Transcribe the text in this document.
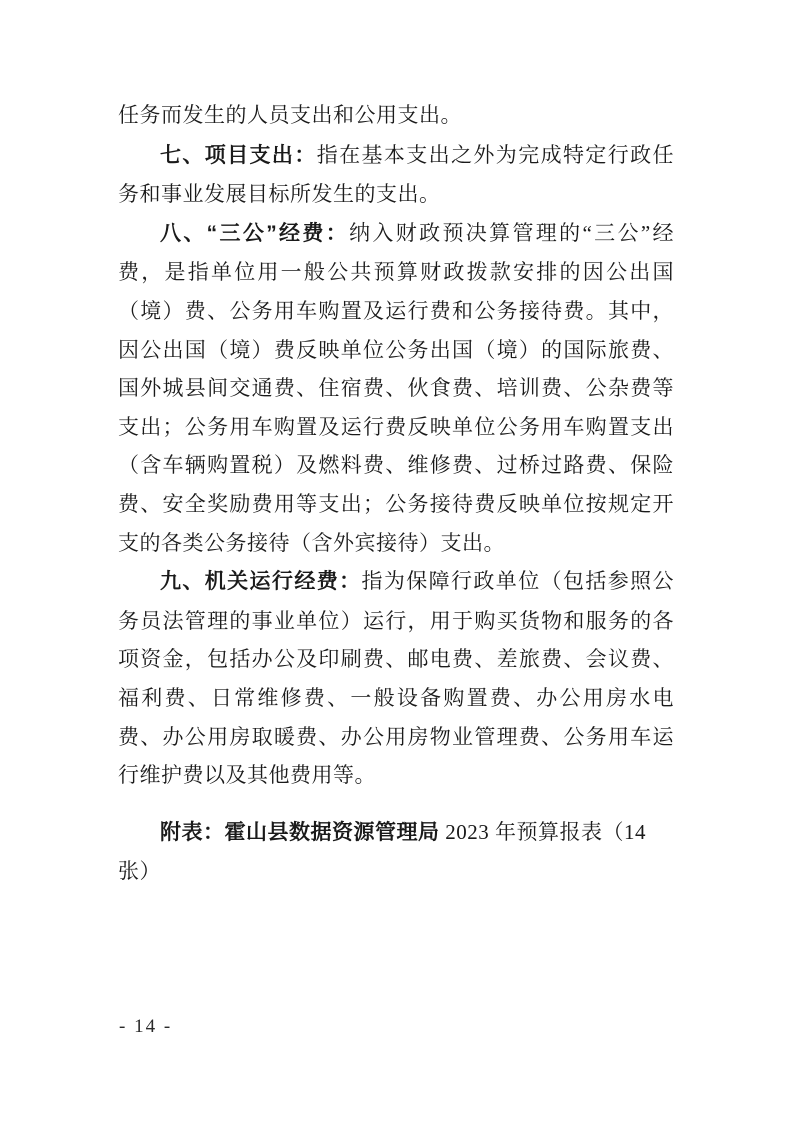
任务而发生的人员支出和公用支出。

七、项目支出：指在基本支出之外为完成特定行政任务和事业发展目标所发生的支出。

八、“三公”经费：纳入财政预决算管理的“三公”经费，是指单位用一般公共预算财政拨款安排的因公出国（境）费、公务用车购置及运行费和公务接待费。其中，因公出国（境）费反映单位公务出国（境）的国际旅费、国外城县间交通费、住宿费、伙食费、培训费、公杂费等支出；公务用车购置及运行费反映单位公务用车购置支出（含车辆购置税）及燃料费、维修费、过桥过路费、保险费、安全奖励费用等支出；公务接待费反映单位按规定开支的各类公务接待（含外宾接待）支出。

九、机关运行经费：指为保障行政单位（包括参照公务员法管理的事业单位）运行，用于购买货物和服务的各项资金，包括办公及印刷费、邮电费、差旅费、会议费、福利费、日常维修费、一般设备购置费、办公用房水电费、办公用房取暖费、办公用房物业管理费、公务用车运行维护费以及其他费用等。

附表：霍山县数据资源管理局 2023 年预算报表（14 张）

- 14 -
